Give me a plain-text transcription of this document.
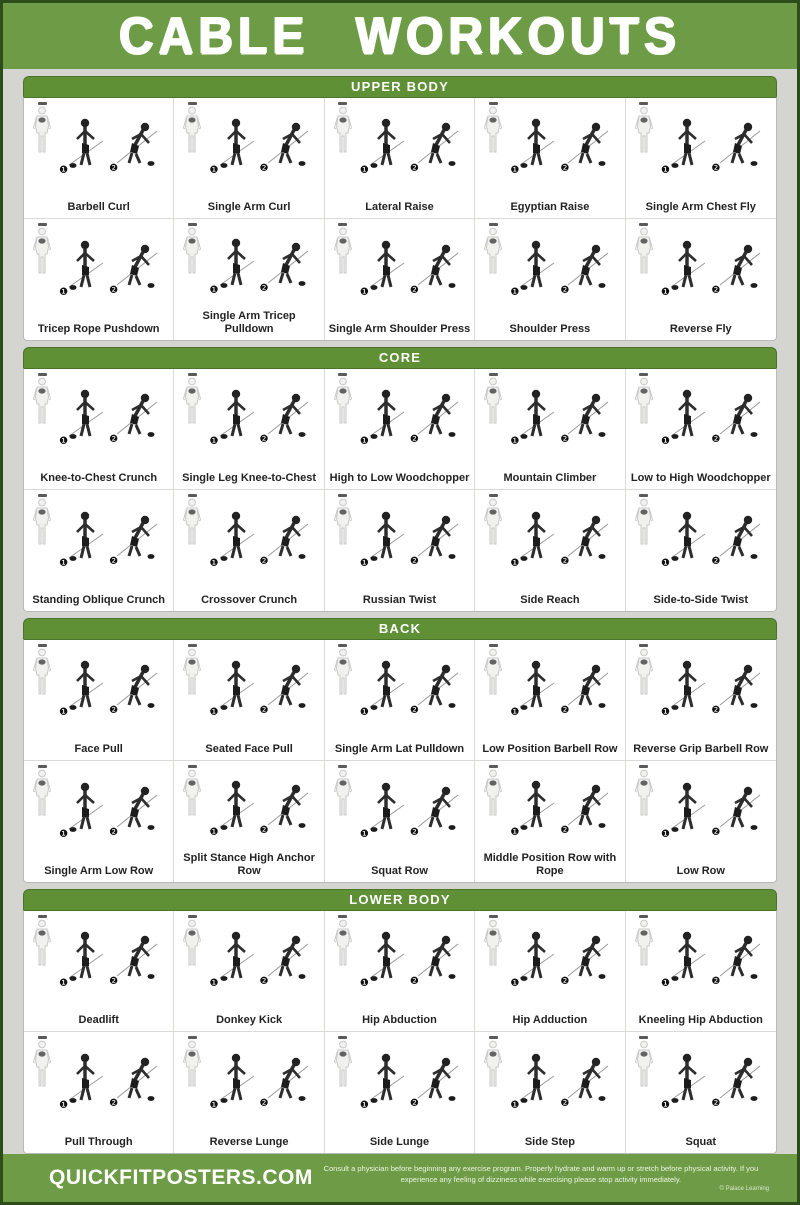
CABLE WORKOUTS
UPPER BODY
❶	❷
Barbell Curl
❶	❷
Single Arm Curl
❶	❷
Lateral Raise
❶	❷
Egyptian Raise
❶	❷
Single Arm Chest Fly
❶	❷
Tricep Rope Pushdown
❶	❷
Single Arm Tricep Pulldown
❶	❷
Single Arm Shoulder Press
❶	❷
Shoulder Press
❶	❷
Reverse Fly
CORE
❶	❷
Knee-to-Chest Crunch
❶	❷
Single Leg Knee-to-Chest
❶	❷
High to Low Woodchopper
❶	❷
Mountain Climber
❶	❷
Low to High Woodchopper
❶	❷
Standing Oblique Crunch
❶	❷
Crossover Crunch
❶	❷
Russian Twist
❶	❷
Side Reach
❶	❷
Side-to-Side Twist
BACK
❶	❷
Face Pull
❶	❷
Seated Face Pull
❶	❷
Single Arm Lat Pulldown
❶	❷
Low Position Barbell Row
❶	❷
Reverse Grip Barbell Row
❶	❷
Single Arm Low Row
❶	❷
Split Stance High Anchor Row
❶	❷
Squat Row
❶	❷
Middle Position Row with Rope
❶	❷
Low Row
LOWER BODY
❶	❷
Deadlift
❶	❷
Donkey Kick
❶	❷
Hip Abduction
❶	❷
Hip Adduction
❶	❷
Kneeling Hip Abduction
❶	❷
Pull Through
❶	❷
Reverse Lunge
❶	❷
Side Lunge
❶	❷
Side Step
❶	❷
Squat
QUICKFITPOSTERS.COM	Consult a physician before beginning any exercise program. Properly hydrate and warm up or stretch before physical activity. If you experience any feeling of dizziness while exercising please stop activity immediately.
© Palace Learning
